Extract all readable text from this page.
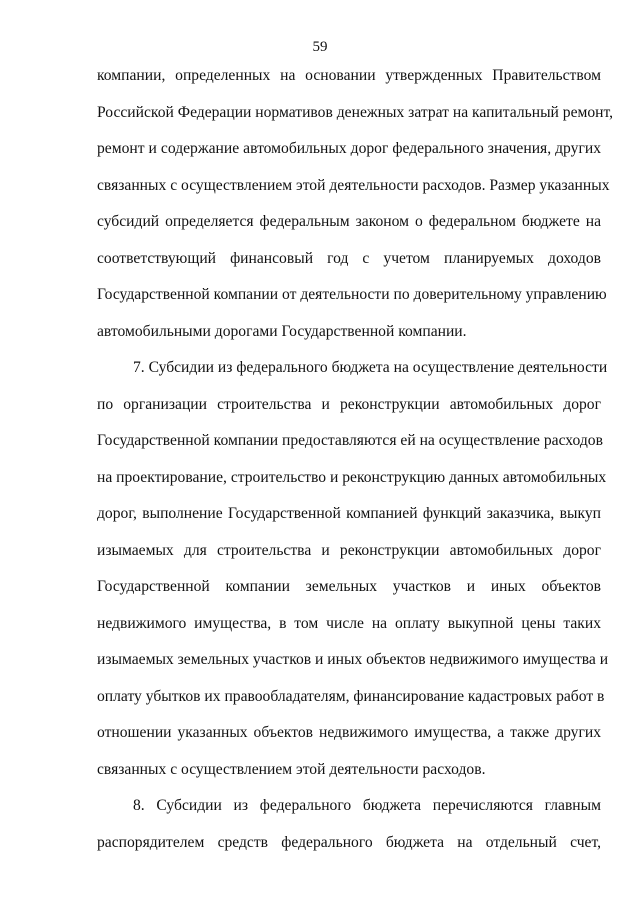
59
компании, определенных на основании утвержденных Правительством
Российской Федерации нормативов денежных затрат на капитальный ремонт,
ремонт и содержание автомобильных дорог федерального значения, других
связанных с осуществлением этой деятельности расходов. Размер указанных
субсидий определяется федеральным законом о федеральном бюджете на
соответствующий финансовый год с учетом планируемых доходов
Государственной компании от деятельности по доверительному управлению
автомобильными дорогами Государственной компании.
7. Субсидии из федерального бюджета на осуществление деятельности
по организации строительства и реконструкции автомобильных дорог
Государственной компании предоставляются ей на осуществление расходов
на проектирование, строительство и реконструкцию данных автомобильных
дорог, выполнение Государственной компанией функций заказчика, выкуп
изымаемых для строительства и реконструкции автомобильных дорог
Государственной компании земельных участков и иных объектов
недвижимого имущества, в том числе на оплату выкупной цены таких
изымаемых земельных участков и иных объектов недвижимого имущества и
оплату убытков их правообладателям, финансирование кадастровых работ в
отношении указанных объектов недвижимого имущества, а также других
связанных с осуществлением этой деятельности расходов.
8. Субсидии из федерального бюджета перечисляются главным
распорядителем средств федерального бюджета на отдельный счет,
